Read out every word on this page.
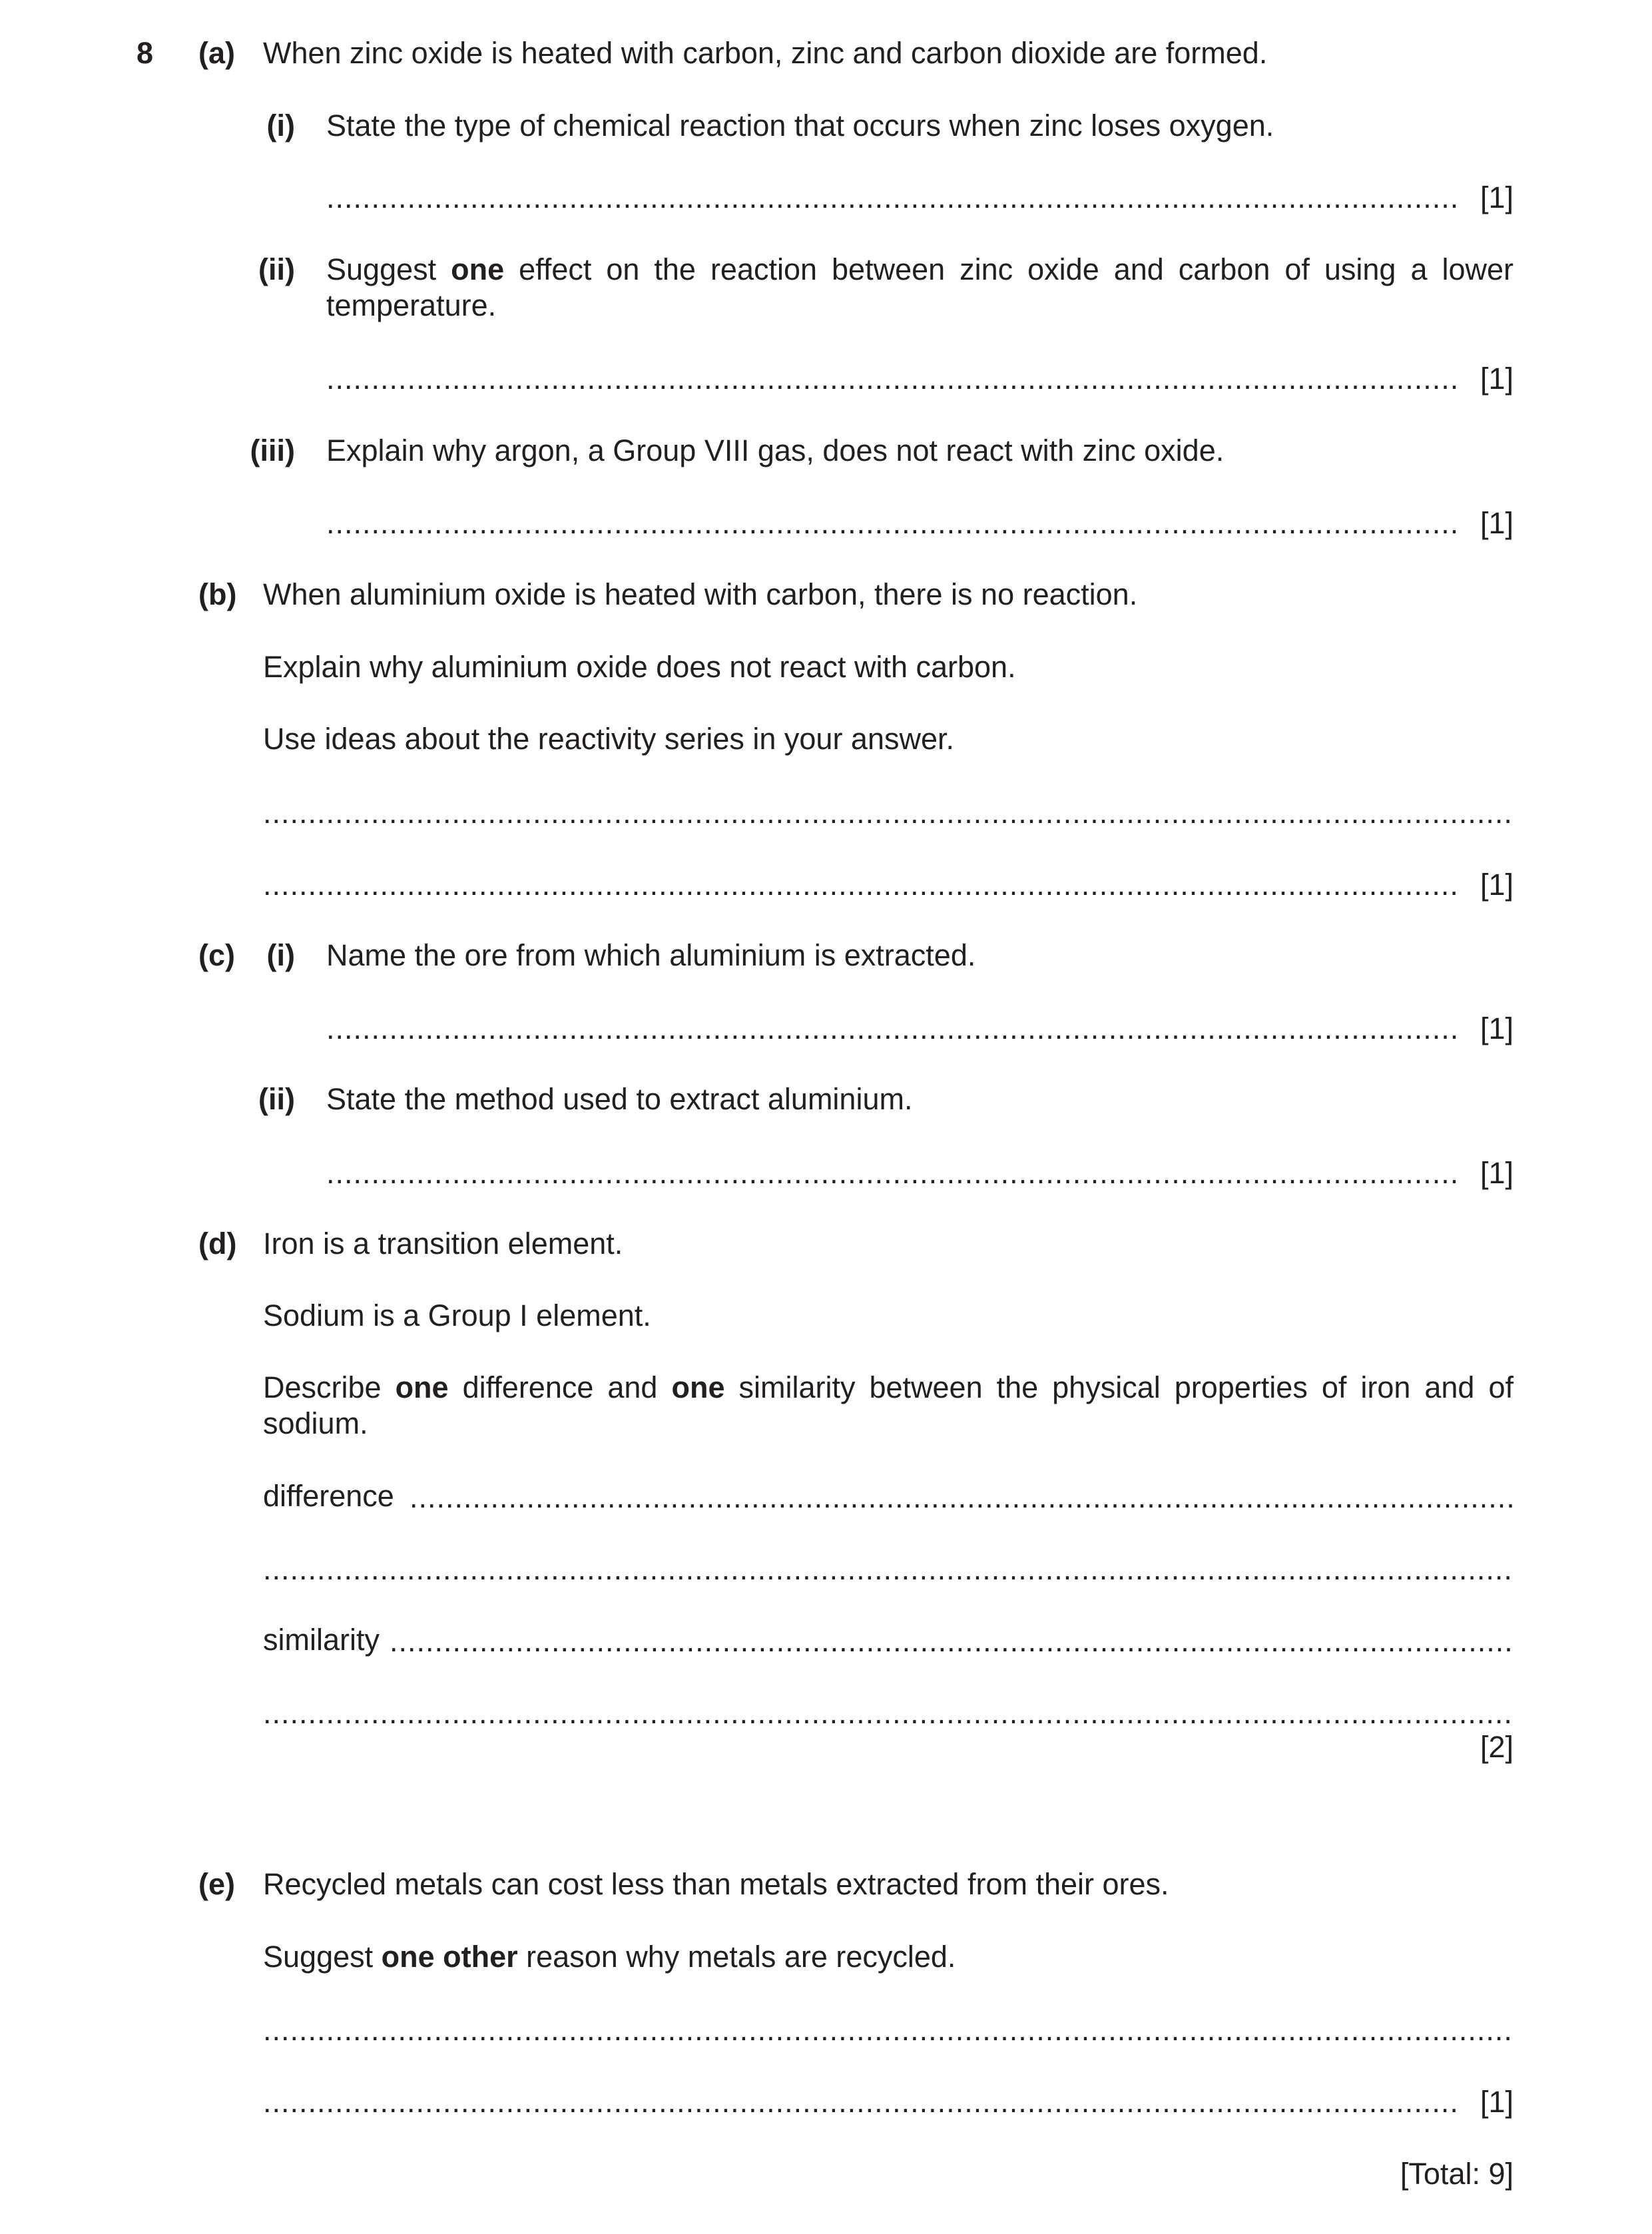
8 (a) When zinc oxide is heated with carbon, zinc and carbon dioxide are formed.
(i) State the type of chemical reaction that occurs when zinc loses oxygen.
.....
[1]
(ii) Suggest one effect on the reaction between zinc oxide and carbon of using a lower temperature.
.....
[1]
(iii) Explain why argon, a Group VIII gas, does not react with zinc oxide.
.....
[1]
(b) When aluminium oxide is heated with carbon, there is no reaction.
Explain why aluminium oxide does not react with carbon.
Use ideas about the reactivity series in your answer.
.....
.....
[1]
(c)	(i) Name the ore from which aluminium is extracted.
.....
[1]
(ii) State the method used to extract aluminium.
.....
[1]
(d) Iron is a transition element.
Sodium is a Group I element.
Describe one difference and one similarity between the physical properties of iron and of sodium.
difference
.....
.....
similarity
.....
.....
[2]
(e) Recycled metals can cost less than metals extracted from their ores.
Suggest one other reason why metals are recycled.
.....
.....
[1]
[Total: 9]
